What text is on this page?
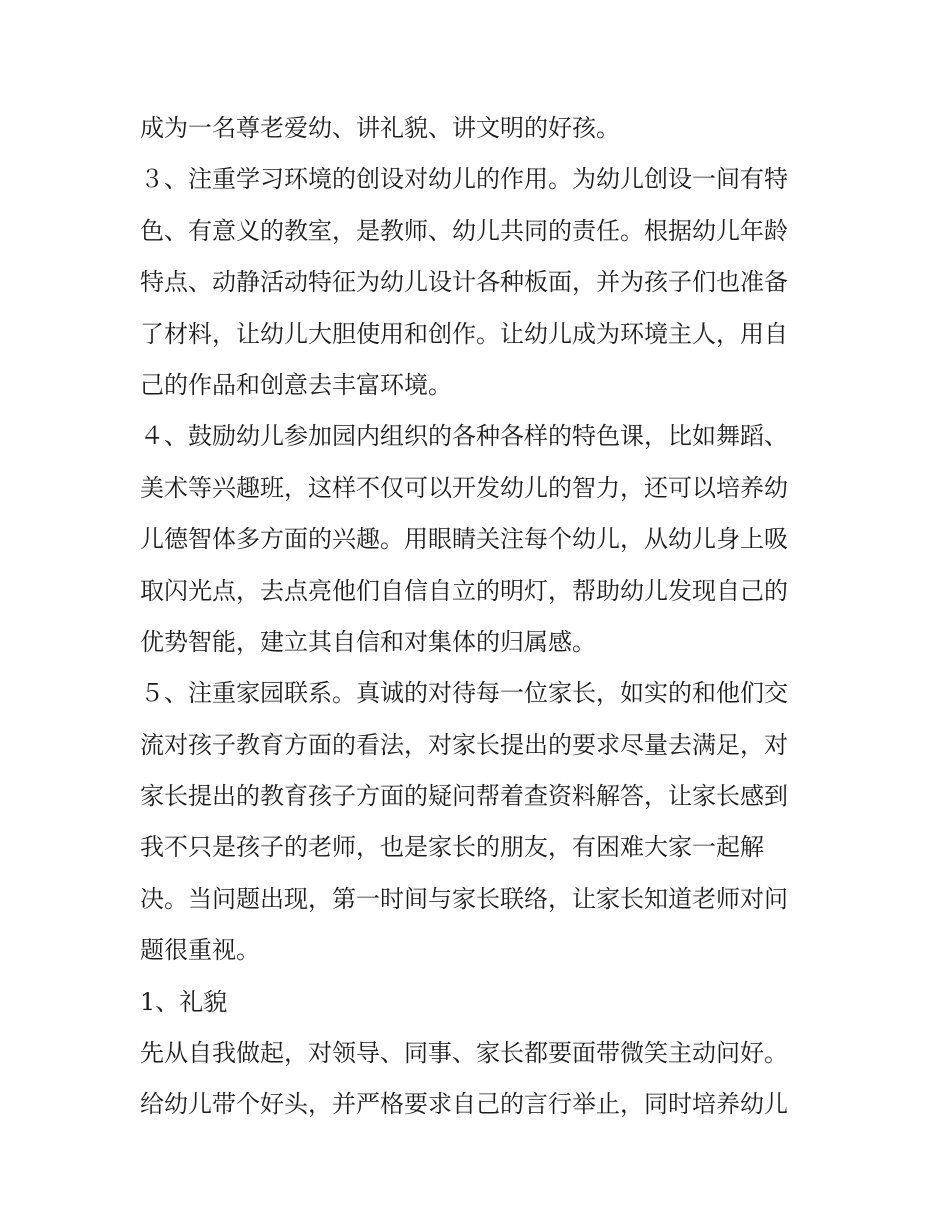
成为一名尊老爱幼、讲礼貌、讲文明的好孩。
３、注重学习环境的创设对幼儿的作用。为幼儿创设一间有特
色、有意义的教室，是教师、幼儿共同的责任。根据幼儿年龄
特点、动静活动特征为幼儿设计各种板面，并为孩子们也准备
了材料，让幼儿大胆使用和创作。让幼儿成为环境主人，用自
己的作品和创意去丰富环境。
４、鼓励幼儿参加园内组织的各种各样的特色课，比如舞蹈、
美术等兴趣班，这样不仅可以开发幼儿的智力，还可以培养幼
儿德智体多方面的兴趣。用眼睛关注每个幼儿，从幼儿身上吸
取闪光点，去点亮他们自信自立的明灯，帮助幼儿发现自己的
优势智能，建立其自信和对集体的归属感。
５、注重家园联系。真诚的对待每一位家长，如实的和他们交
流对孩子教育方面的看法，对家长提出的要求尽量去满足，对
家长提出的教育孩子方面的疑问帮着查资料解答，让家长感到
我不只是孩子的老师，也是家长的朋友，有困难大家一起解
决。当问题出现，第一时间与家长联络，让家长知道老师对问
题很重视。
1、礼貌
先从自我做起，对领导、同事、家长都要面带微笑主动问好。
给幼儿带个好头，并严格要求自己的言行举止，同时培养幼儿
